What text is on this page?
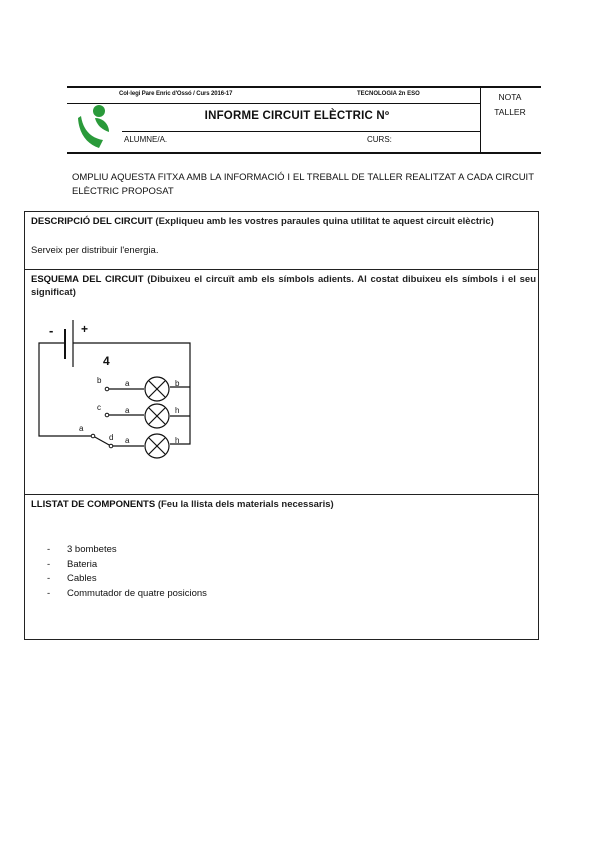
Col·legi Pare Enric d'Ossó / Curs 2016-17	TECNOLOGIA 2n ESO	NOTA
TALLER
INFORME CIRCUIT ELÈCTRIC Nº
ALUMNE/A.	CURS:
OMPLIU AQUESTA FITXA AMB LA INFORMACIÓ I EL TREBALL DE TALLER REALITZAT A CADA CIRCUIT ELÈCTRIC PROPOSAT
DESCRIPCIÓ DEL CIRCUIT (Expliqueu amb les vostres paraules quina utilitat te aquest circuit elèctric)
Serveix per distribuir l'energia.
ESQUEMA DEL CIRCUIT (Dibuixeu el circuït amb els símbols adients. Al costat dibuixeu els símbols i el seu significat)
- +
4
b
c
a
d
a	b
a	h
a	h
LLISTAT DE COMPONENTS (Feu la llista dels materials necessaris)
- 3 bombetes
- Bateria
- Cables
- Commutador de quatre posicions
